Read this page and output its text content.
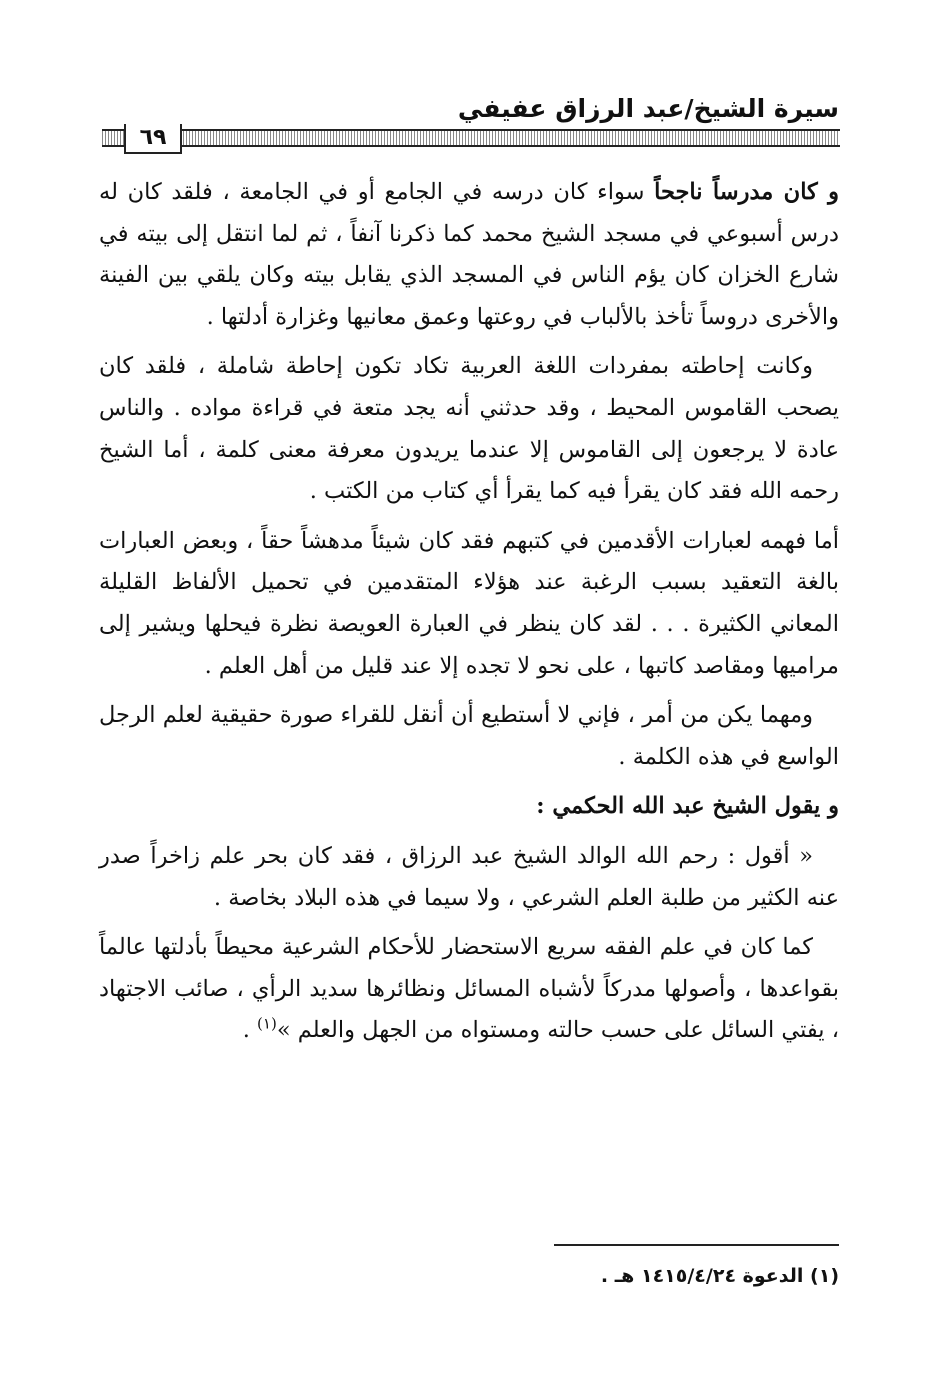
سيرة الشيخ/عبد الرزاق عفيفي
٦٩

و كان مدرساً ناجحاً سواء كان درسه في الجامع أو في الجامعة ، فلقد كان له درس أسبوعي في مسجد الشيخ محمد كما ذكرنا آنفاً ، ثم لما انتقل إلى بيته في شارع الخزان كان يؤم الناس في المسجد الذي يقابل بيته وكان يلقي بين الفينة والأخرى دروساً تأخذ بالألباب في روعتها وعمق معانيها وغزارة أدلتها .

وكانت إحاطته بمفردات اللغة العربية تكاد تكون إحاطة شاملة ، فلقد كان يصحب القاموس المحيط ، وقد حدثني أنه يجد متعة في قراءة مواده . والناس عادة لا يرجعون إلى القاموس إلا عندما يريدون معرفة معنى كلمة ، أما الشيخ رحمه الله فقد كان يقرأ فيه كما يقرأ أي كتاب من الكتب .

أما فهمه لعبارات الأقدمين في كتبهم فقد كان شيئاً مدهشاً حقاً ، وبعض العبارات بالغة التعقيد بسبب الرغبة عند هؤلاء المتقدمين في تحميل الألفاظ القليلة المعاني الكثيرة . . . لقد كان ينظر في العبارة العويصة نظرة فيحلها ويشير إلى مراميها ومقاصد كاتبها ، على نحو لا تجده إلا عند قليل من أهل العلم .

ومهما يكن من أمر ، فإني لا أستطيع أن أنقل للقراء صورة حقيقية لعلم الرجل الواسع في هذه الكلمة .

و يقول الشيخ عبد الله الحكمي :

« أقول : رحم الله الوالد الشيخ عبد الرزاق ، فقد كان بحر علم زاخراً صدر عنه الكثير من طلبة العلم الشرعي ، ولا سيما في هذه البلاد بخاصة .

كما كان في علم الفقه سريع الاستحضار للأحكام الشرعية محيطاً بأدلتها عالماً بقواعدها ، وأصولها مدركاً لأشباه المسائل ونظائرها سديد الرأي ، صائب الاجتهاد ، يفتي السائل على حسب حالته ومستواه من الجهل والعلم »$^{(١)}$ .

(١) الدعوة ١٤١٥/٤/٢٤ هـ .
